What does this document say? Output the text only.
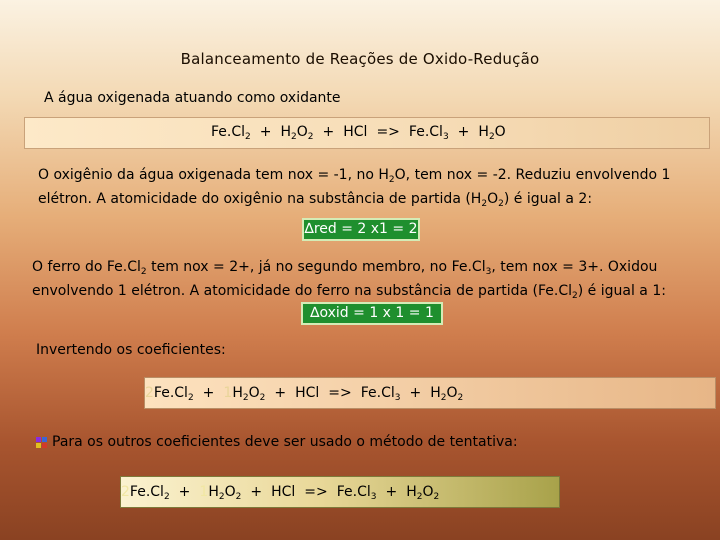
Balanceamento de Reações de Oxido-Redução
A água oxigenada atuando como oxidante
$Fe.Cl_2 + H_2O_2$ + HCl => $Fe.Cl_3 + H_2O$
O oxigênio da água oxigenada tem nox = -1, no $H_2O$, tem nox = -2. Reduziu envolvendo 1 elétron. A atomicidade do oxigênio na substância de partida $(H_2O_2)$ é igual a 2:
∆red = 2 x1 = 2
O ferro do $Fe.Cl_2$ tem nox = 2+, já no segundo membro, no $Fe.Cl_3$, tem nox = 3+. Oxidou envolvendo 1 elétron. A atomicidade do ferro na substância de partida $(Fe.Cl_2)$ é igual a 1:
∆oxid = 1 x 1 = 1
Invertendo os coeficientes:
$2Fe.Cl_2 + 1H_2O_2$ + HCl => $Fe.Cl_3 + H_2O_2$
Para os outros coeficientes deve ser usado o método de tentativa:
$2Fe.Cl_2 + 1H_2O_2$ + HCl => $Fe.Cl_3 + H_2O_2$
